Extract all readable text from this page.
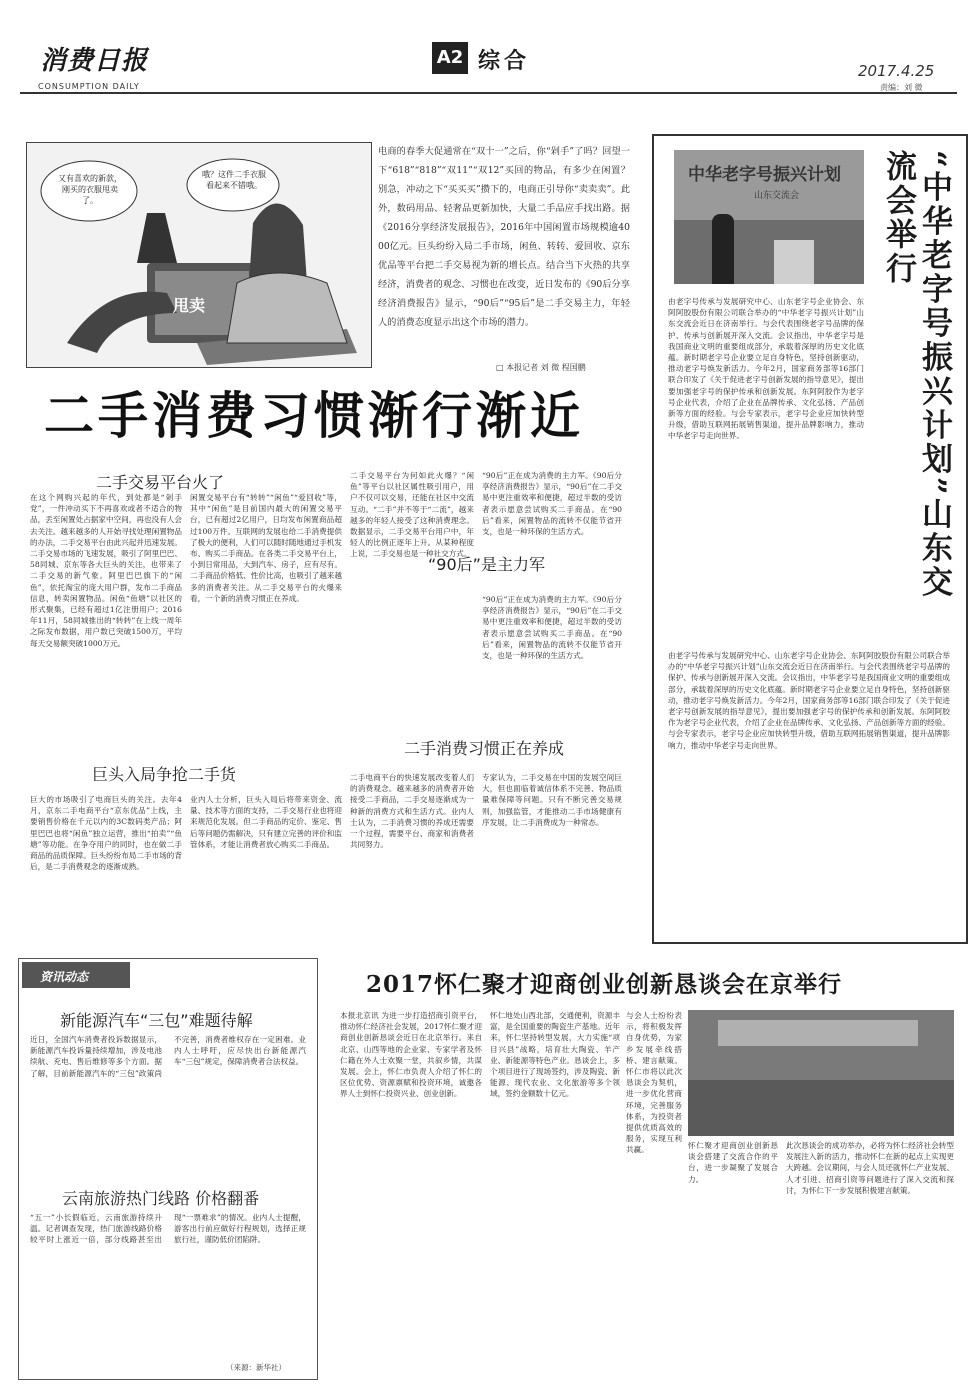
消费日报
CONSUMPTION DAILY
A2 综合	2017.4.25
责编：刘 微
又有喜欢的新款，刚买的衣服甩卖了。
哦？这件二手衣服看起来不错哦。
甩卖
电商的春季大促通常在“双十一”之后，你“剁手”了吗？回望一下“618”“818”“双11”“双12”买回的物品，有多少在闲置？别急，冲动之下“买买买”攒下的，电商正引导你“卖卖卖”。此外，数码用品、轻奢品更新加快，大量二手品应手找出路。据《2016分享经济发展报告》，2016年中国闲置市场规模逾4000亿元。巨头纷纷入局二手市场，闲鱼、转转、爱回收、京东优品等平台把二手交易视为新的增长点。结合当下火热的共享经济，消费者的观念、习惯也在改变，近日发布的《90后分享经济消费报告》显示，“90后”“95后”是二手交易主力，年轻人的消费态度显示出这个市场的潜力。
□ 本报记者 刘 微 程国鹏
二手消费习惯渐行渐近
二手交易平台火了
在这个网购兴起的年代，到处都是“剁手党”，一件冲动买下不再喜欢或者不适合的物品，丢至闲置处占据家中空间，再也没有人会去关注。越来越多的人开始寻找处理闲置物品的办法，二手交易平台由此兴起并迅速发展。二手交易市场的飞速发展，吸引了阿里巴巴、58同城、京东等各大巨头的关注，也带来了二手交易的新气象。阿里巴巴旗下的“闲鱼”，依托淘宝的庞大用户群，发布二手商品信息，转卖闲置物品。闲鱼“鱼塘”以社区的形式聚集，已经有超过1亿注册用户；2016年11月，58同城推出的“转转”在上线一周年之际发布数据，用户数已突破1500万，平均每天交易额突破1000万元。
闲置交易平台有“转转”“闲鱼”“爱回收”等，其中“闲鱼”是目前国内最大的闲置交易平台，已有超过2亿用户，日均发布闲置商品超过100万件。互联网的发展也给二手消费提供了极大的便利，人们可以随时随地通过手机发布、购买二手商品。在各类二手交易平台上，小到日常用品，大到汽车、房子，应有尽有。二手商品价格低、性价比高，也吸引了越来越多的消费者关注。从二手交易平台的火爆来看，一个新的消费习惯正在养成。
巨头入局争抢二手货
巨大的市场吸引了电商巨头的关注。去年4月，京东二手电商平台“京东优品”上线，主要销售价格在千元以内的3C数码类产品；阿里巴巴也将“闲鱼”独立运营，推出“拍卖”“鱼塘”等功能。在争夺用户的同时，也在做二手商品的品质保障。巨头纷纷布局二手市场的背后，是二手消费观念的逐渐成熟。
业内人士分析，巨头入局后将带来资金、流量、技术等方面的支持，二手交易行业也将迎来规范化发展。但二手商品的定价、鉴定、售后等问题仍需解决，只有建立完善的评价和监管体系，才能让消费者放心购买二手商品。
二手交易平台为何如此火爆？“闲鱼”等平台以社区属性吸引用户，用户不仅可以交易，还能在社区中交流互动。“二手”并不等于“二流”，越来越多的年轻人接受了这种消费理念。数据显示，二手交易平台用户中，年轻人的比例正逐年上升。从某种程度上说，二手交易也是一种社交方式。
“90后”正在成为消费的主力军。《90后分享经济消费报告》显示，“90后”在二手交易中更注重效率和便捷，超过半数的受访者表示愿意尝试购买二手商品。在“90后”看来，闲置物品的流转不仅能节省开支，也是一种环保的生活方式。
“90后”是主力军
“90后”正在成为消费的主力军。《90后分享经济消费报告》显示，“90后”在二手交易中更注重效率和便捷，超过半数的受访者表示愿意尝试购买二手商品。在“90后”看来，闲置物品的流转不仅能节省开支，也是一种环保的生活方式。
二手消费习惯正在养成
二手电商平台的快速发展改变着人们的消费观念。越来越多的消费者开始接受二手商品，二手交易逐渐成为一种新的消费方式和生活方式。业内人士认为，二手消费习惯的养成还需要一个过程，需要平台、商家和消费者共同努力。
专家认为，二手交易在中国的发展空间巨大，但也面临着诚信体系不完善、物品质量难保障等问题。只有不断完善交易规则，加强监管，才能推动二手市场健康有序发展，让二手消费成为一种常态。
中华老字号振兴计划
山东交流会	“中华老字号振兴计划”山东交流会举行
由老字号传承与发展研究中心、山东老字号企业协会、东阿阿胶股份有限公司联合举办的“中华老字号振兴计划”山东交流会近日在济南举行。与会代表围绕老字号品牌的保护、传承与创新展开深入交流。会议指出，中华老字号是我国商业文明的重要组成部分，承载着深厚的历史文化底蕴。新时期老字号企业要立足自身特色，坚持创新驱动，推动老字号焕发新活力。今年2月，国家商务部等16部门联合印发了《关于促进老字号创新发展的指导意见》，提出要加强老字号的保护传承和创新发展。东阿阿胶作为老字号企业代表，介绍了企业在品牌传承、文化弘扬、产品创新等方面的经验。与会专家表示，老字号企业应加快转型升级，借助互联网拓展销售渠道，提升品牌影响力，推动中华老字号走向世界。
由老字号传承与发展研究中心、山东老字号企业协会、东阿阿胶股份有限公司联合举办的“中华老字号振兴计划”山东交流会近日在济南举行。与会代表围绕老字号品牌的保护、传承与创新展开深入交流。会议指出，中华老字号是我国商业文明的重要组成部分，承载着深厚的历史文化底蕴。新时期老字号企业要立足自身特色，坚持创新驱动，推动老字号焕发新活力。今年2月，国家商务部等16部门联合印发了《关于促进老字号创新发展的指导意见》，提出要加强老字号的保护传承和创新发展。东阿阿胶作为老字号企业代表，介绍了企业在品牌传承、文化弘扬、产品创新等方面的经验。与会专家表示，老字号企业应加快转型升级，借助互联网拓展销售渠道，提升品牌影响力，推动中华老字号走向世界。
资讯动态
新能源汽车“三包”难题待解
近日，全国汽车消费者投诉数据显示，新能源汽车投诉量持续增加，涉及电池续航、充电、售后维修等多个方面。据了解，目前新能源汽车的“三包”政策尚不完善，消费者维权存在一定困难。业内人士呼吁，应尽快出台新能源汽车“三包”规定，保障消费者合法权益。
云南旅游热门线路 价格翻番
“五一”小长假临近，云南旅游持续升温。记者调查发现，热门旅游线路价格较平时上涨近一倍，部分线路甚至出现“一票难求”的情况。业内人士提醒，游客出行前应做好行程规划，选择正规旅行社，谨防低价团陷阱。
（来源：新华社）
2017怀仁聚才迎商创业创新恳谈会在京举行
本报北京讯 为进一步打造招商引资平台，推动怀仁经济社会发展，2017怀仁聚才迎商创业创新恳谈会近日在北京举行。来自北京、山西等地的企业家、专家学者及怀仁籍在外人士欢聚一堂，共叙乡情，共谋发展。会上，怀仁市负责人介绍了怀仁的区位优势、资源禀赋和投资环境，诚邀各界人士到怀仁投资兴业、创业创新。
怀仁地处山西北部，交通便利，资源丰富，是全国重要的陶瓷生产基地。近年来，怀仁坚持转型发展，大力实施“项目兴县”战略，培育壮大陶瓷、羊产业、新能源等特色产业。恳谈会上，多个项目进行了现场签约，涉及陶瓷、新能源、现代农业、文化旅游等多个领域，签约金额数十亿元。
与会人士纷纷表示，将积极发挥自身优势，为家乡发展牵线搭桥、建言献策。怀仁市将以此次恳谈会为契机，进一步优化营商环境，完善服务体系，为投资者提供优质高效的服务，实现互利共赢。	怀仁聚才迎商创业创新恳谈会搭建了交流合作的平台，进一步凝聚了发展合力。
此次恳谈会的成功举办，必将为怀仁经济社会转型发展注入新的活力，推动怀仁在新的起点上实现更大跨越。会议期间，与会人员还就怀仁产业发展、人才引进、招商引资等问题进行了深入交流和探讨，为怀仁下一步发展积极建言献策。
